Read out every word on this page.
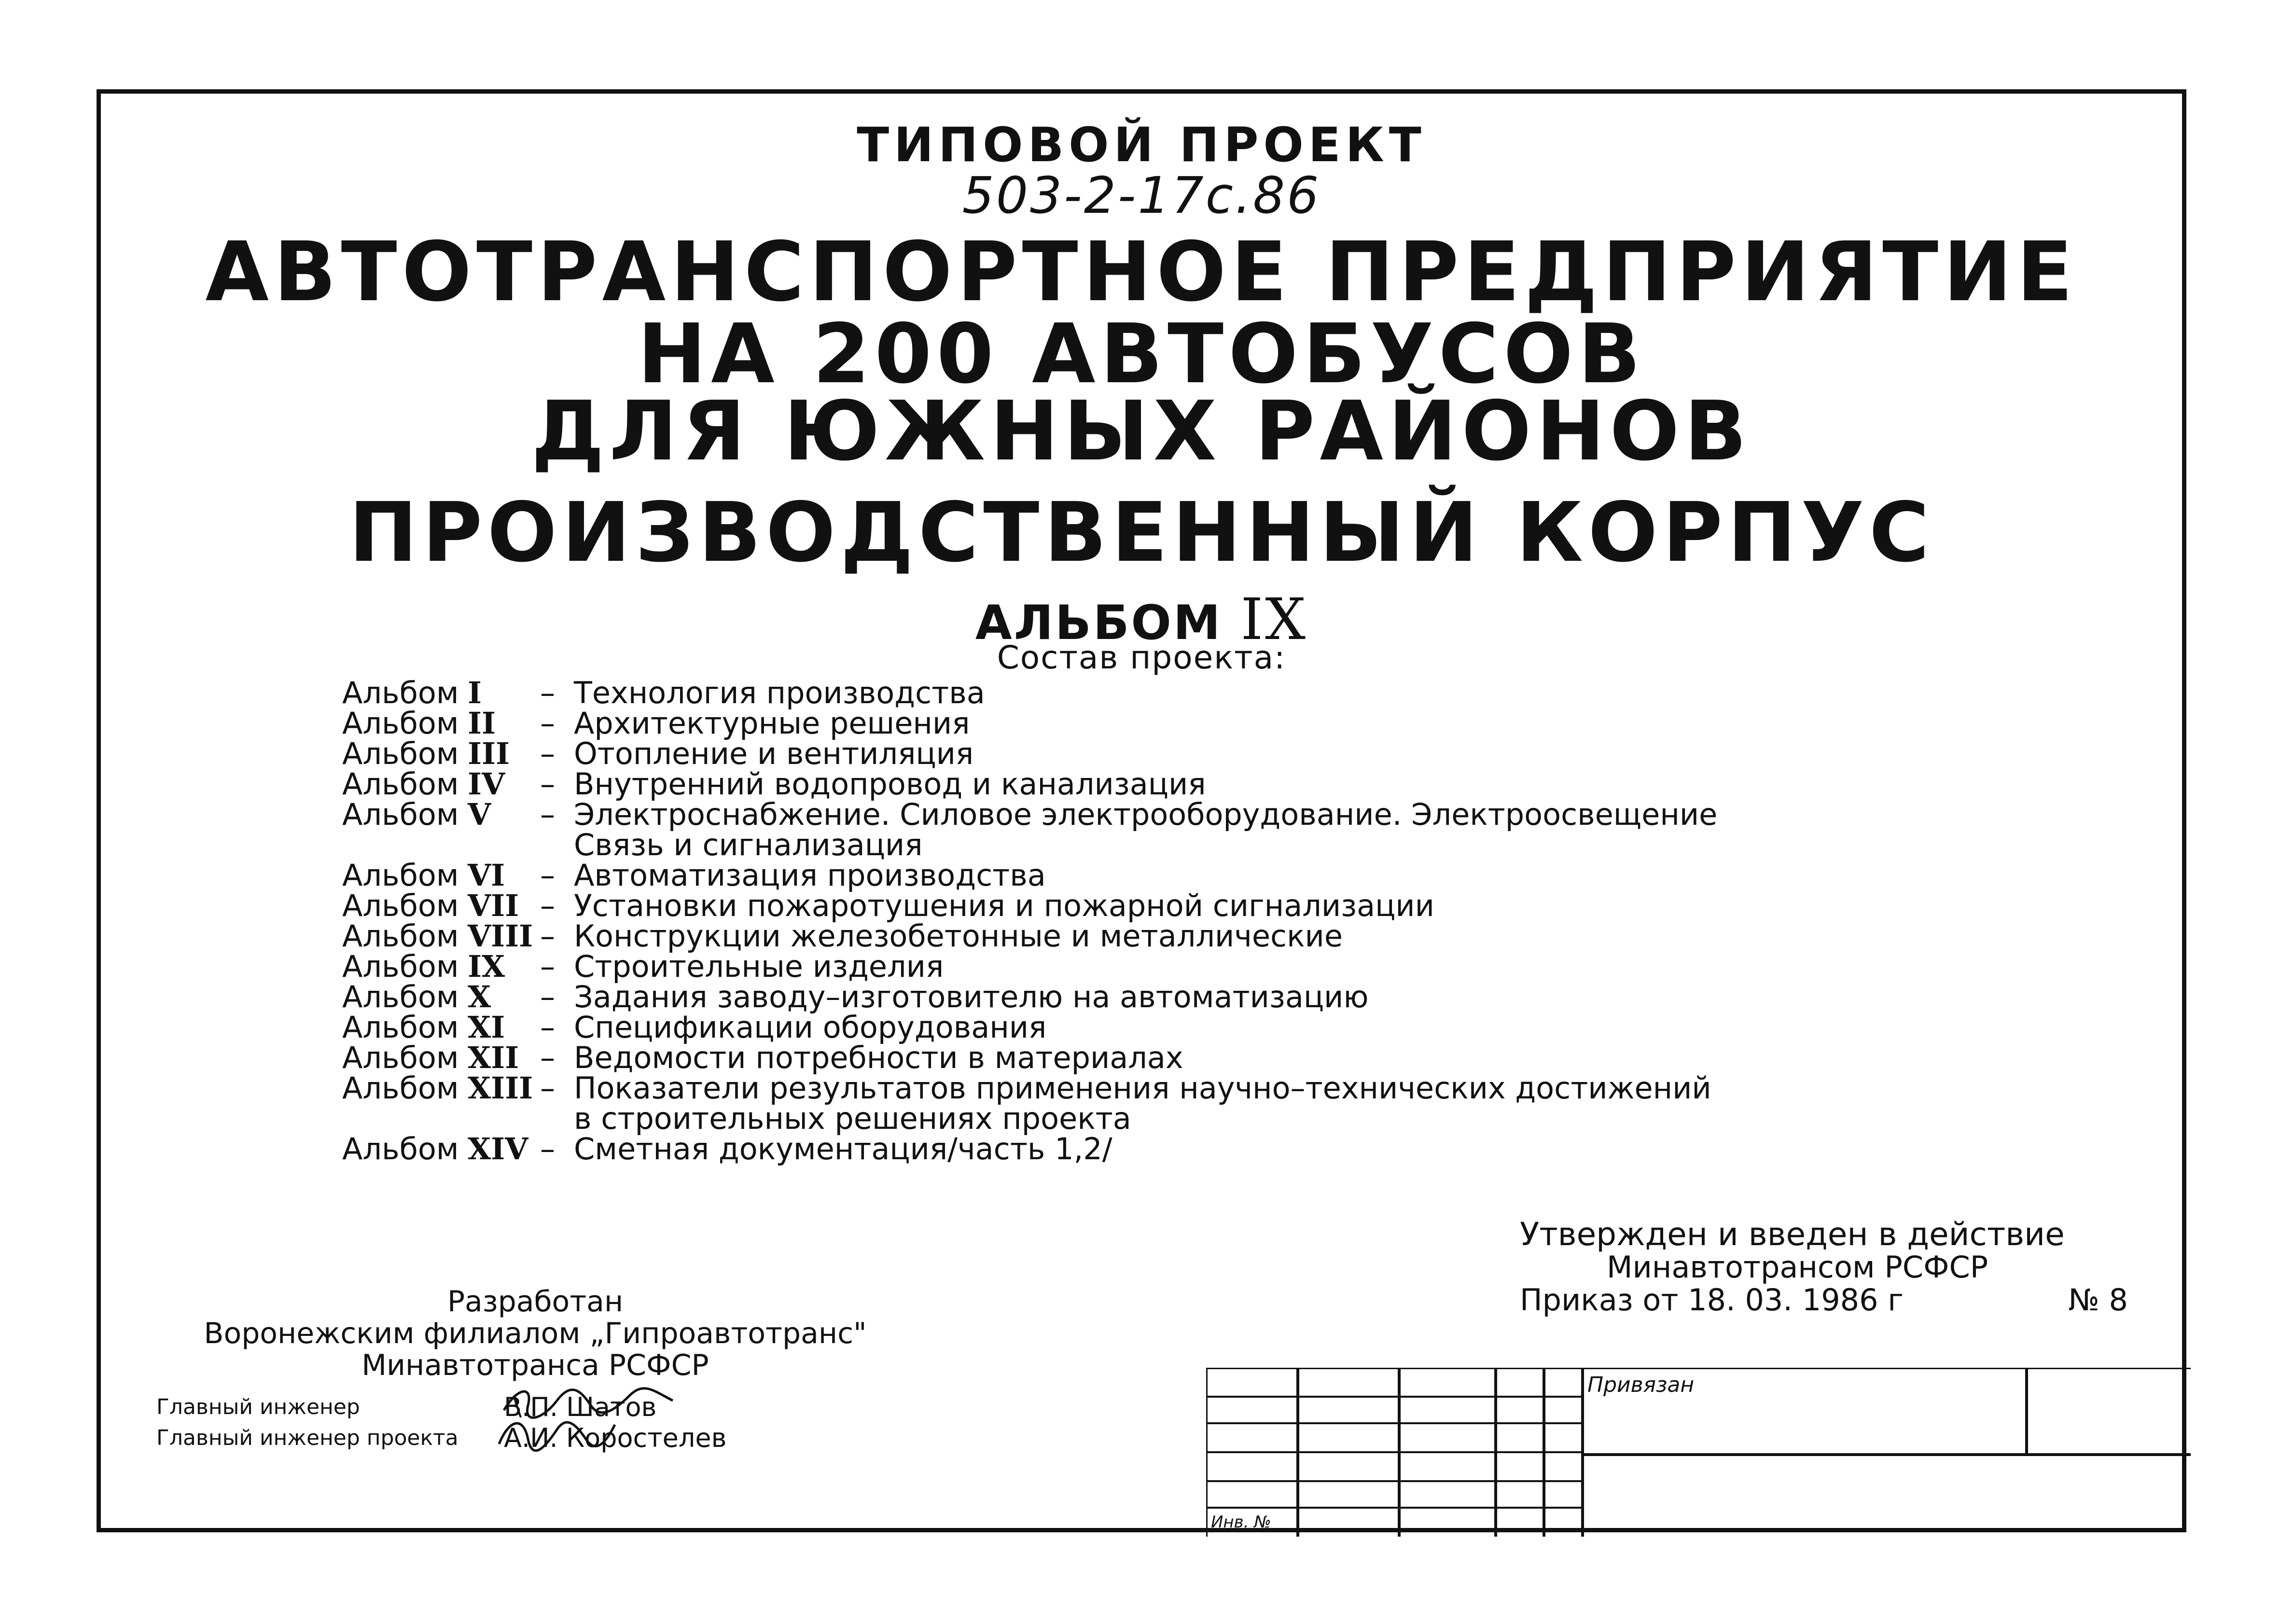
ТИПОВОЙ ПРОЕКТ
503-2-17с.86
АВТОТРАНСПОРТНОЕ ПРЕДПРИЯТИЕ
НА 200 АВТОБУСОВ
ДЛЯ ЮЖНЫХ РАЙОНОВ
ПРОИЗВОДСТВЕННЫЙ КОРПУС
АЛЬБОМ IX
Состав проекта:
Альбом I	– Технология производства
Альбом II	– Архитектурные решения
Альбом III	– Отопление и вентиляция
Альбом IV	– Внутренний водопровод и канализация
Альбом V	– Электроснабжение. Силовое электрооборудование. Электроосвещение
Связь и сигнализация
Альбом VI	– Автоматизация производства
Альбом VII – Установки пожаротушения и пожарной сигнализации
Альбом VIII – Конструкции железобетонные и металлические
Альбом IX	– Строительные изделия
Альбом X	– Задания заводу–изготовителю на автоматизацию
Альбом XI	– Спецификации оборудования
Альбом XII – Ведомости потребности в материалах
Альбом XIII – Показатели результатов применения научно–технических достижений
в строительных решениях проекта
Альбом XIV – Сметная документация/часть 1,2/
Утвержден и введен в действие
Минавтотрансом РСФСР
Приказ от 18. 03. 1986 г	№ 8
Разработан
Воронежским филиалом „Гипроавтотранс"
Минавтотранса РСФСР
Главный инженер	В.П. Шатов
Главный инженер проекта	А.И. Коростелев
Привязан
Инв. №
